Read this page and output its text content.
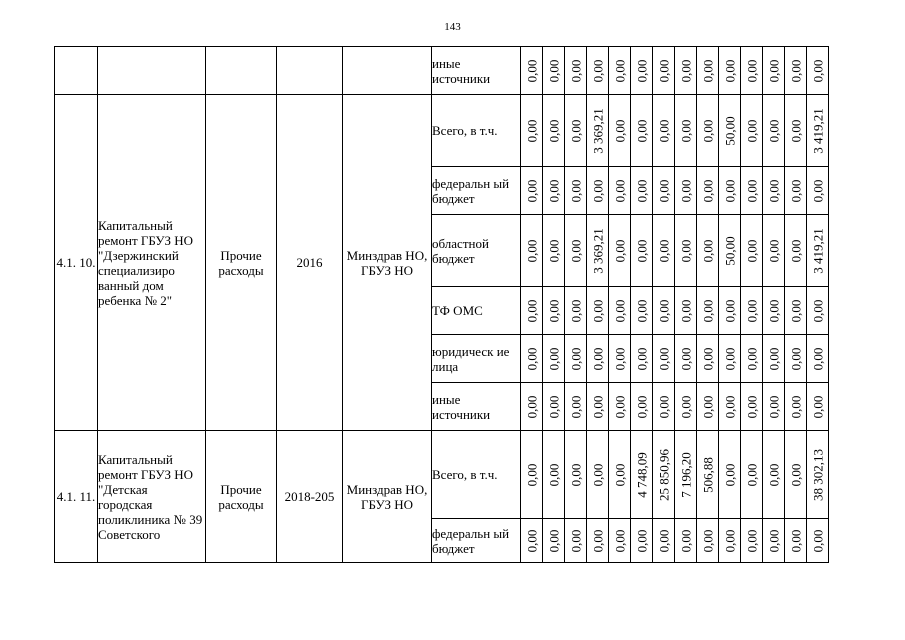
143
					иные источники	0,00	0,00	0,00	0,00	0,00	0,00	0,00	0,00	0,00	0,00	0,00	0,00	0,00	0,00

4.1. 10.	Капитальный ремонт ГБУЗ НО "Дзержинский специализиро ванный дом ребенка № 2"	Прочие расходы	2016	Минздрав НО, ГБУЗ НО	Всего, в т.ч.	0,00	0,00	0,00	3 369,21	0,00	0,00	0,00	0,00	0,00	50,00	0,00	0,00	0,00	3 419,21

					федеральн ый бюджет	0,00	0,00	0,00	0,00	0,00	0,00	0,00	0,00	0,00	0,00	0,00	0,00	0,00	0,00

					областной бюджет	0,00	0,00	0,00	3 369,21	0,00	0,00	0,00	0,00	0,00	50,00	0,00	0,00	0,00	3 419,21

					ТФ ОМС	0,00	0,00	0,00	0,00	0,00	0,00	0,00	0,00	0,00	0,00	0,00	0,00	0,00	0,00

					юридическ ие лица	0,00	0,00	0,00	0,00	0,00	0,00	0,00	0,00	0,00	0,00	0,00	0,00	0,00	0,00

					иные источники	0,00	0,00	0,00	0,00	0,00	0,00	0,00	0,00	0,00	0,00	0,00	0,00	0,00	0,00

4.1. 11.	Капитальный ремонт ГБУЗ НО "Детская городская поликлиника № 39 Советского	Прочие расходы	2018-205	Минздрав НО, ГБУЗ НО	Всего, в т.ч.	0,00	0,00	0,00	0,00	0,00	4 748,09	25 850,96	7 196,20	506,88	0,00	0,00	0,00	0,00	38 302,13

					федеральн ый бюджет	0,00	0,00	0,00	0,00	0,00	0,00	0,00	0,00	0,00	0,00	0,00	0,00	0,00	0,00
